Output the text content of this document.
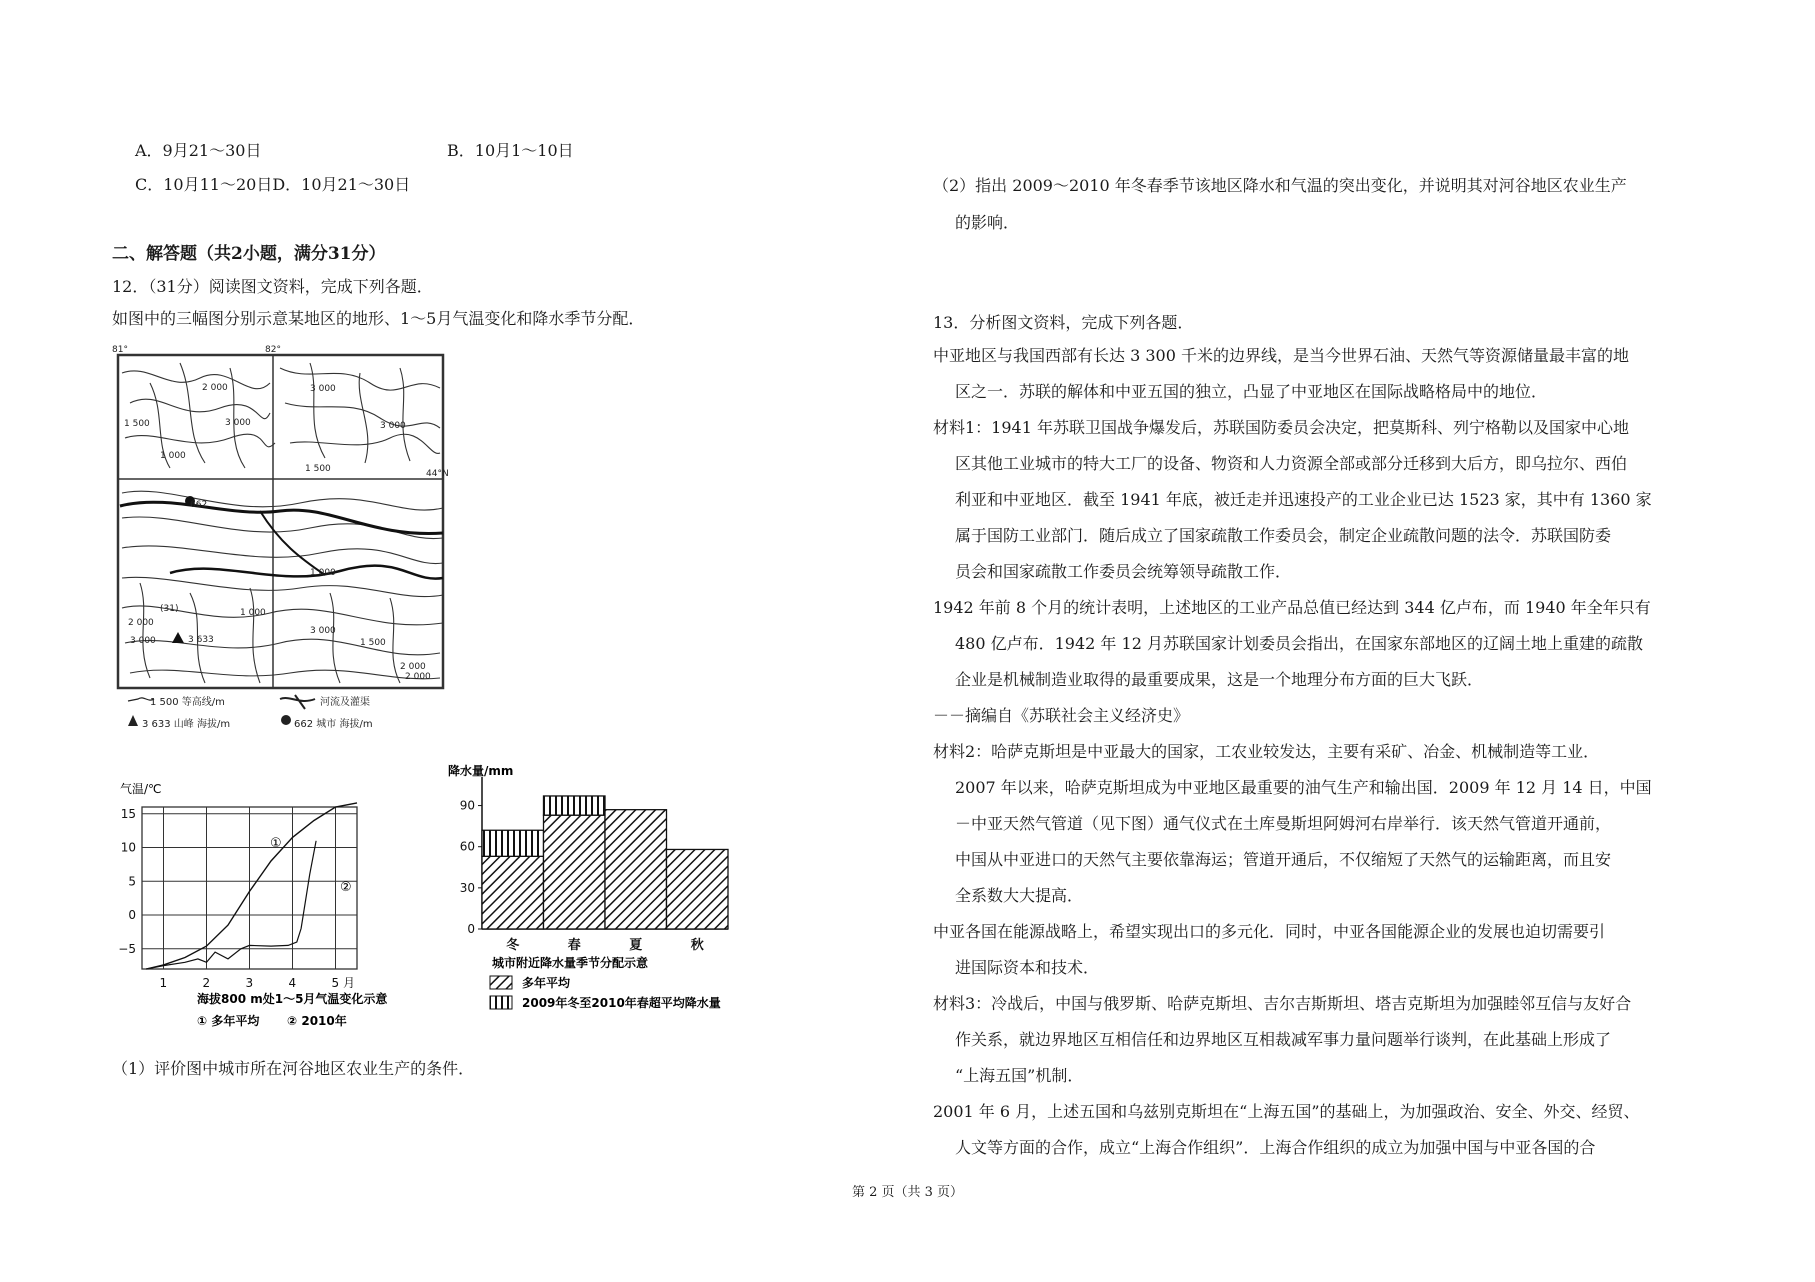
A．9月21～30日	B．10月1～10日
C．10月11～20日D．10月21～30日
二、解答题（共2小题，满分31分）
12．（31分）阅读图文资料，完成下列各题．
如图中的三幅图分别示意某地区的地形、1～5月气温变化和降水季节分配．
81°	82°
44°N
662
3 633
2 000
1 500	3 000
3 000
1 000
1 500
3 000
(31)	1 000
2 000
3 000
2 000
1 500
3 000
1 000
2 000
1 500 等高线/m	河流及灌渠
3 633 山峰 海拔/m	662 城市 海拔/m
气温/℃
15
10
5
0
−5
1	2	3	4	5 月
①
②
海拔800 m处1～5月气温变化示意
① 多年平均 ② 2010年
降水量/mm
90
60
30
0
冬	春	夏	秋
城市附近降水量季节分配示意
多年平均
2009年冬至2010年春超平均降水量
（1）评价图中城市所在河谷地区农业生产的条件．
（2）指出 2009～2010 年冬春季节该地区降水和气温的突出变化，并说明其对河谷地区农业生产
的影响．
13．分析图文资料，完成下列各题．
中亚地区与我国西部有长达 3 300 千米的边界线，是当今世界石油、天然气等资源储量最丰富的地
区之一．苏联的解体和中亚五国的独立，凸显了中亚地区在国际战略格局中的地位．
材料1：1941 年苏联卫国战争爆发后，苏联国防委员会决定，把莫斯科、列宁格勒以及国家中心地
区其他工业城市的特大工厂的设备、物资和人力资源全部或部分迁移到大后方，即乌拉尔、西伯
利亚和中亚地区．截至 1941 年底，被迁走并迅速投产的工业企业已达 1523 家，其中有 1360 家
属于国防工业部门．随后成立了国家疏散工作委员会，制定企业疏散问题的法令．苏联国防委
员会和国家疏散工作委员会统筹领导疏散工作．
1942 年前 8 个月的统计表明，上述地区的工业产品总值已经达到 344 亿卢布，而 1940 年全年只有
480 亿卢布．1942 年 12 月苏联国家计划委员会指出，在国家东部地区的辽阔土地上重建的疏散
企业是机械制造业取得的最重要成果，这是一个地理分布方面的巨大飞跃．
－－摘编自《苏联社会主义经济史》
材料2：哈萨克斯坦是中亚最大的国家，工农业较发达，主要有采矿、冶金、机械制造等工业．
2007 年以来，哈萨克斯坦成为中亚地区最重要的油气生产和输出国．2009 年 12 月 14 日，中国
－中亚天然气管道（见下图）通气仪式在土库曼斯坦阿姆河右岸举行．该天然气管道开通前，
中国从中亚进口的天然气主要依靠海运；管道开通后，不仅缩短了天然气的运输距离，而且安
全系数大大提高．
中亚各国在能源战略上，希望实现出口的多元化．同时，中亚各国能源企业的发展也迫切需要引
进国际资本和技术．
材料3：冷战后，中国与俄罗斯、哈萨克斯坦、吉尔吉斯斯坦、塔吉克斯坦为加强睦邻互信与友好合
作关系，就边界地区互相信任和边界地区互相裁减军事力量问题举行谈判，在此基础上形成了
“上海五国”机制．
2001 年 6 月，上述五国和乌兹别克斯坦在“上海五国”的基础上，为加强政治、安全、外交、经贸、
人文等方面的合作，成立“上海合作组织”．上海合作组织的成立为加强中国与中亚各国的合
第 2 页（共 3 页）
